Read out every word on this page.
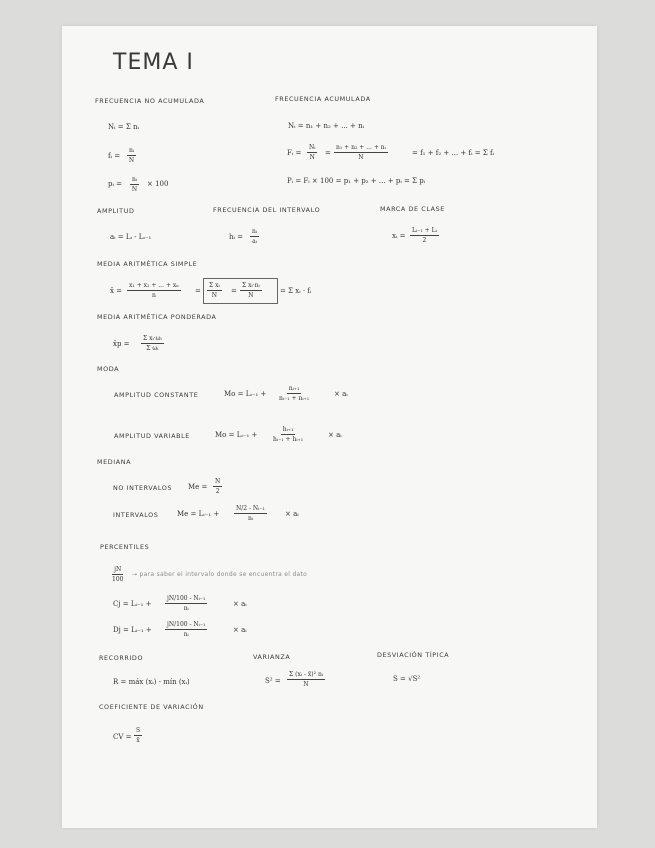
TEMA I
FRECUENCIA NO ACUMULADA	FRECUENCIA ACUMULADA
Nᵢ = Σ nᵢ	Nᵢ = n₁ + n₂ + ... + nᵢ
fᵢ = $\frac{\text{nᵢ}}{N}$	Fᵢ = $\frac{\text{Nᵢ}}{N} = \frac{\text{n₁ + n₂ + ... + nᵢ}}{N}$	= f₁ + f₂ + ... + fᵢ = Σ fᵢ
pᵢ = $\frac{\text{nᵢ}}{N} \times 100$	Pᵢ = Fᵢ × 100 = p₁ + p₂ + ... + pᵢ = Σ pᵢ
AMPLITUD	FRECUENCIA DEL INTERVALO	MARCA DE CLASE
aᵢ = Lᵢ - Lᵢ₋₁	hᵢ = $\frac{\text{nᵢ}}{\text{aᵢ}}$	xᵢ = $\frac{\text{Lᵢ₋₁ + Lᵢ}}{2}$
MEDIA ARITMÉTICA SIMPLE
x̄ = $\frac{\text{x₁ + x₂ + ... + xₙ}}{n} = \frac{\text{Σ xᵢ}}{N} = \frac{\text{Σ xᵢ·nᵢ}}{N}$	= Σ xᵢ · fᵢ
MEDIA ARITMÉTICA PONDERADA
x̄p = $\frac{\text{Σ xᵢ·ωᵢ}}{\text{Σ ωᵢ}}$
MODA
AMPLITUD CONSTANTE	Mo = Lᵢ₋₁ + $\frac{\text{nᵢ₊₁}}{\text{nᵢ₋₁ + nᵢ₊₁}}$	× aᵢ
AMPLITUD VARIABLE	Mo = Lᵢ₋₁ +	$\frac{\text{hᵢ₊₁}}{\text{hᵢ₋₁ + hᵢ₊₁}}$	× aᵢ
MEDIANA
NO INTERVALOS $Me = \frac{N}{2}$
INTERVALOS	Me = Lᵢ₋₁ + $\frac{\text{N/2 - Nᵢ₋₁}}{\text{nᵢ}}$	× aᵢ
PERCENTILES
$\frac{jN}{100}$ → para saber el intervalo donde se encuentra el dato
Cj = Lᵢ₋₁ + $\frac{\text{jN/100 - Nᵢ₋₁}}{\text{nᵢ}}$	× aᵢ
Dj = Lᵢ₋₁ + $\frac{\text{jN/100 - Nᵢ₋₁}}{\text{nᵢ}}$	× aᵢ
RECORRIDO	VARIANZA	DESVIACIÓN TÍPICA
R = máx (xᵢ) - mín (xᵢ)	$S^2 = \frac{\text{Σ (xᵢ - x̄)² nᵢ}}{N}$	S = √S²
COEFICIENTE DE VARIACIÓN
CV = $\frac{S}{x̄}$
